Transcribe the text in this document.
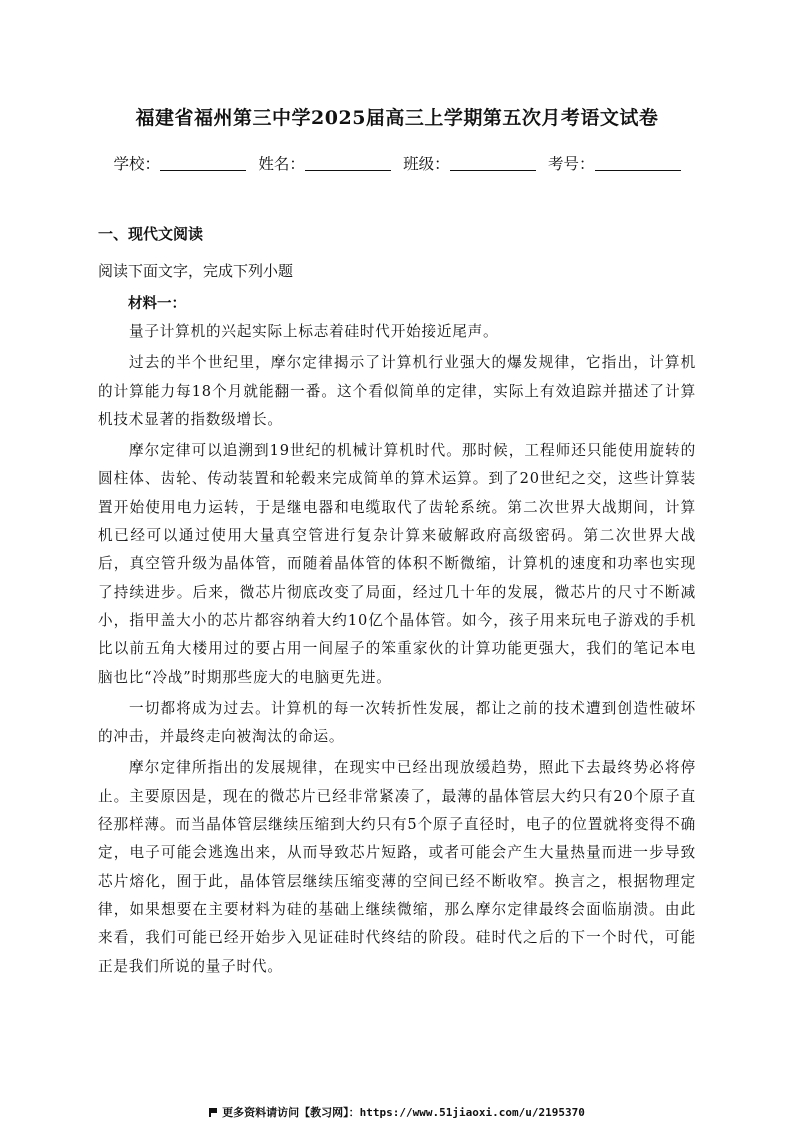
福建省福州第三中学2025届高三上学期第五次月考语文试卷
学校：	姓名：	班级：	考号：
一、现代文阅读
阅读下面文字，完成下列小题
材料一：

量子计算机的兴起实际上标志着硅时代开始接近尾声。

过去的半个世纪里，摩尔定律揭示了计算机行业强大的爆发规律，它指出，计算机的计算能力每18个月就能翻一番。这个看似简单的定律，实际上有效追踪并描述了计算机技术显著的指数级增长。

摩尔定律可以追溯到19世纪的机械计算机时代。那时候，工程师还只能使用旋转的圆柱体、齿轮、传动装置和轮毂来完成简单的算术运算。到了20世纪之交，这些计算装置开始使用电力运转，于是继电器和电缆取代了齿轮系统。第二次世界大战期间，计算机已经可以通过使用大量真空管进行复杂计算来破解政府高级密码。第二次世界大战后，真空管升级为晶体管，而随着晶体管的体积不断微缩，计算机的速度和功率也实现了持续进步。后来，微芯片彻底改变了局面，经过几十年的发展，微芯片的尺寸不断减小，指甲盖大小的芯片都容纳着大约10亿个晶体管。如今，孩子用来玩电子游戏的手机比以前五角大楼用过的要占用一间屋子的笨重家伙的计算功能更强大，我们的笔记本电脑也比“冷战”时期那些庞大的电脑更先进。

一切都将成为过去。计算机的每一次转折性发展，都让之前的技术遭到创造性破坏的冲击，并最终走向被淘汰的命运。

摩尔定律所指出的发展规律，在现实中已经出现放缓趋势，照此下去最终势必将停止。主要原因是，现在的微芯片已经非常紧凑了，最薄的晶体管层大约只有20个原子直径那样薄。而当晶体管层继续压缩到大约只有5个原子直径时，电子的位置就将变得不确定，电子可能会逃逸出来，从而导致芯片短路，或者可能会产生大量热量而进一步导致芯片熔化，囿于此，晶体管层继续压缩变薄的空间已经不断收窄。换言之，根据物理定律，如果想要在主要材料为硅的基础上继续微缩，那么摩尔定律最终会面临崩溃。由此来看，我们可能已经开始步入见证硅时代终结的阶段。硅时代之后的下一个时代，可能正是我们所说的量子时代。

更多资料请访问【教习网】：https://www.51jiaoxi.com/u/2195370
